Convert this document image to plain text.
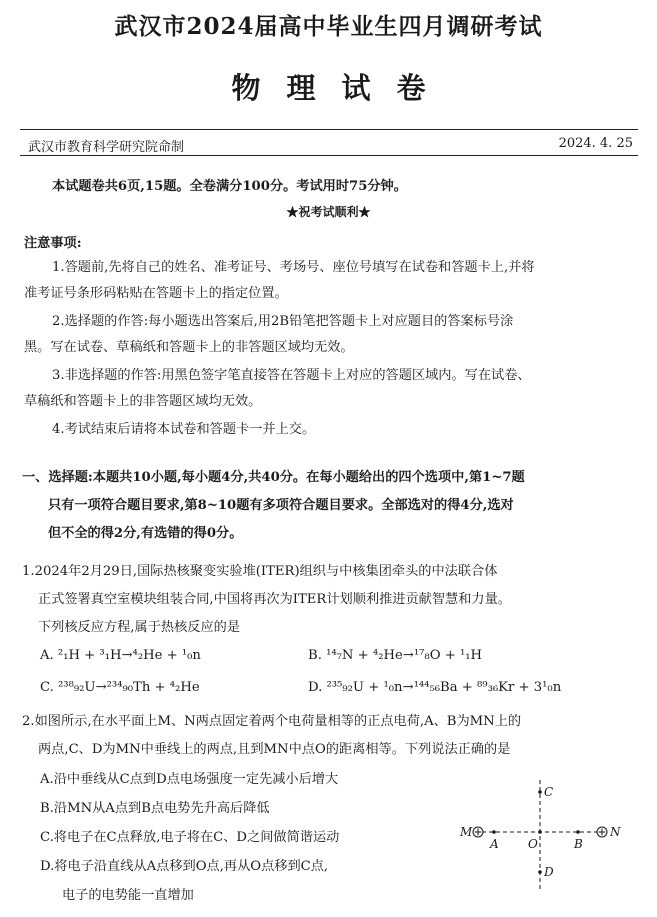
武汉市2024届高中毕业生四月调研考试
物理试卷
武汉市教育科学研究院命制	2024. 4. 25
本试题卷共6页,15题。全卷满分100分。考试用时75分钟。
★祝考试顺利★
注意事项:
1.答题前,先将自己的姓名、准考证号、考场号、座位号填写在试卷和答题卡上,并将
准考证号条形码粘贴在答题卡上的指定位置。
2.选择题的作答:每小题选出答案后,用2B铅笔把答题卡上对应题目的答案标号涂
黑。写在试卷、草稿纸和答题卡上的非答题区域均无效。
3.非选择题的作答:用黑色签字笔直接答在答题卡上对应的答题区域内。写在试卷、
草稿纸和答题卡上的非答题区域均无效。
4.考试结束后请将本试卷和答题卡一并上交。
一、选择题:本题共10小题,每小题4分,共40分。在每小题给出的四个选项中,第1~7题
只有一项符合题目要求,第8~10题有多项符合题目要求。全部选对的得4分,选对
但不全的得2分,有选错的得0分。
1.2024年2月29日,国际热核聚变实验堆(ITER)组织与中核集团牵头的中法联合体
正式签署真空室模块组装合同,中国将再次为ITER计划顺利推进贡献智慧和力量。
下列核反应方程,属于热核反应的是
A. ²₁H + ³₁H→⁴₂He + ¹₀n	B. ¹⁴₇N + ⁴₂He→¹⁷₈O + ¹₁H
C. ²³⁸₉₂U→²³⁴₉₀Th + ⁴₂He	D. ²³⁵₉₂U + ¹₀n→¹⁴⁴₅₆Ba + ⁸⁹₃₆Kr + 3¹₀n
2.如图所示,在水平面上M、N两点固定着两个电荷量相等的正点电荷,A、B为MN上的
两点,C、D为MN中垂线上的两点,且到MN中点O的距离相等。下列说法正确的是
A.沿中垂线从C点到D点电场强度一定先减小后增大
B.沿MN从A点到B点电势先升高后降低
C.将电子在C点释放,电子将在C、D之间做简谐运动
D.将电子沿直线从A点移到O点,再从O点移到C点,
电子的电势能一直增加
C
D
M	N
A	B
O
